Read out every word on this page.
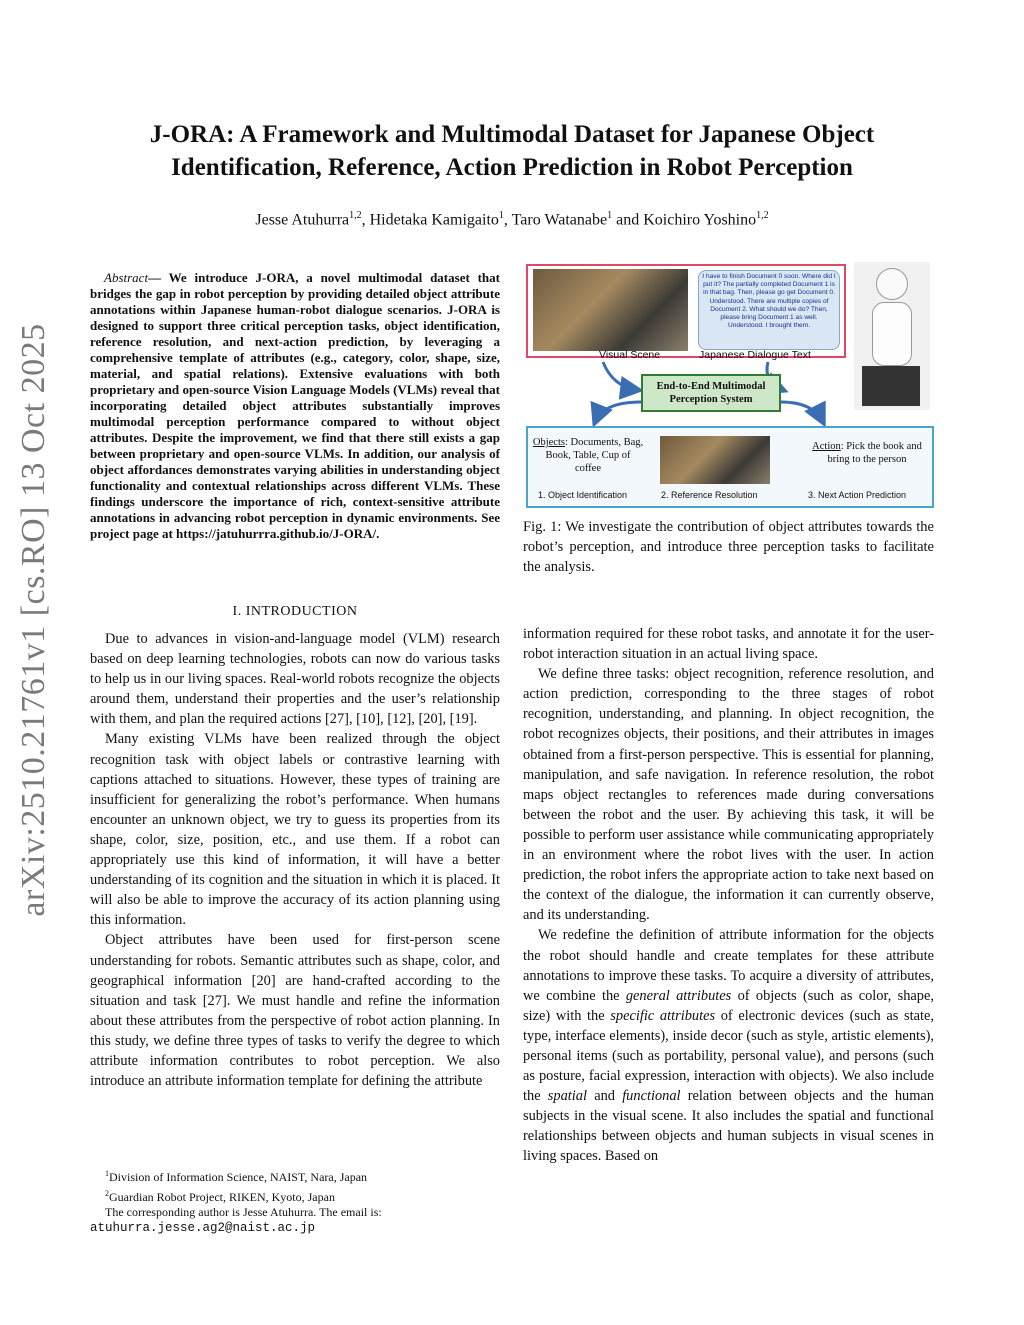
arXiv:2510.21761v1 [cs.RO] 13 Oct 2025
J-ORA: A Framework and Multimodal Dataset for Japanese Object Identification, Reference, Action Prediction in Robot Perception
Jesse Atuhurra$^{1,2}$, Hidetaka Kamigaito$^1$, Taro Watanabe$^1$ and Koichiro Yoshino$^{1,2}$

Abstract— We introduce J-ORA, a novel multimodal dataset that bridges the gap in robot perception by providing detailed object attribute annotations within Japanese human-robot dialogue scenarios. J-ORA is designed to support three critical perception tasks, object identification, reference resolution, and next-action prediction, by leveraging a comprehensive template of attributes (e.g., category, color, shape, size, material, and spatial relations). Extensive evaluations with both proprietary and open-source Vision Language Models (VLMs) reveal that incorporating detailed object attributes substantially improves multimodal perception performance compared to without object attributes. Despite the improvement, we find that there still exists a gap between proprietary and open-source VLMs. In addition, our analysis of object affordances demonstrates varying abilities in understanding object functionality and contextual relationships across different VLMs. These findings underscore the importance of rich, context-sensitive attribute annotations in advancing robot perception in dynamic environments. See project page at https://jatuhurrra.github.io/J-ORA/.

I. INTRODUCTION

Due to advances in vision-and-language model (VLM) research based on deep learning technologies, robots can now do various tasks to help us in our living spaces. Real-world robots recognize the objects around them, understand their properties and the user’s relationship with them, and plan the required actions [27], [10], [12], [20], [19].

Many existing VLMs have been realized through the object recognition task with object labels or contrastive learning with captions attached to situations. However, these types of training are insufficient for generalizing the robot’s performance. When humans encounter an unknown object, we try to guess its properties from its shape, color, size, position, etc., and use them. If a robot can appropriately use this kind of information, it will have a better understanding of its cognition and the situation in which it is placed. It will also be able to improve the accuracy of its action planning using this information.

Object attributes have been used for first-person scene understanding for robots. Semantic attributes such as shape, color, and geographical information [20] are hand-crafted according to the situation and task [27]. We must handle and refine the information about these attributes from the perspective of robot action planning. In this study, we define three types of tasks to verify the degree to which attribute information contributes to robot perception. We also introduce an attribute information template for defining the attribute

$^1$Division of Information Science, NAIST, Nara, Japan

$^2$Guardian Robot Project, RIKEN, Kyoto, Japan

The corresponding author is Jesse Atuhurra. The email is:

atuhurra.jesse.ag2@naist.ac.jp
I have to finish Document 0 soon. Where did I put it? The partially completed Document 1 is in that bag. Then, please go get Document 0. Understood. There are multiple copies of Document 2. What should we do? Then, please bring Document 1 as well. Understood. I brought them.
Visual Scene	Japanese Dialogue Text
End-to-End Multimodal Perception System
Objects: Documents, Bag, Book, Table, Cup of coffee
Action: Pick the book and bring to the person
1. Object Identification	2. Reference Resolution	3. Next Action Prediction
Fig. 1: We investigate the contribution of object attributes towards the robot’s perception, and introduce three perception tasks to facilitate the analysis.

information required for these robot tasks, and annotate it for the user-robot interaction situation in an actual living space.

We define three tasks: object recognition, reference resolution, and action prediction, corresponding to the three stages of robot recognition, understanding, and planning. In object recognition, the robot recognizes objects, their positions, and their attributes in images obtained from a first-person perspective. This is essential for planning, manipulation, and safe navigation. In reference resolution, the robot maps object rectangles to references made during conversations between the robot and the user. By achieving this task, it will be possible to perform user assistance while communicating appropriately in an environment where the robot lives with the user. In action prediction, the robot infers the appropriate action to take next based on the context of the dialogue, the information it can currently observe, and its understanding.

We redefine the definition of attribute information for the objects the robot should handle and create templates for these attribute annotations to improve these tasks. To acquire a diversity of attributes, we combine the general attributes of objects (such as color, shape, size) with the specific attributes of electronic devices (such as state, type, interface elements), inside decor (such as style, artistic elements), personal items (such as portability, personal value), and persons (such as posture, facial expression, interaction with objects). We also include the spatial and functional relation between objects and the human subjects in the visual scene. It also includes the spatial and functional relationships between objects and human subjects in visual scenes in living spaces. Based on
